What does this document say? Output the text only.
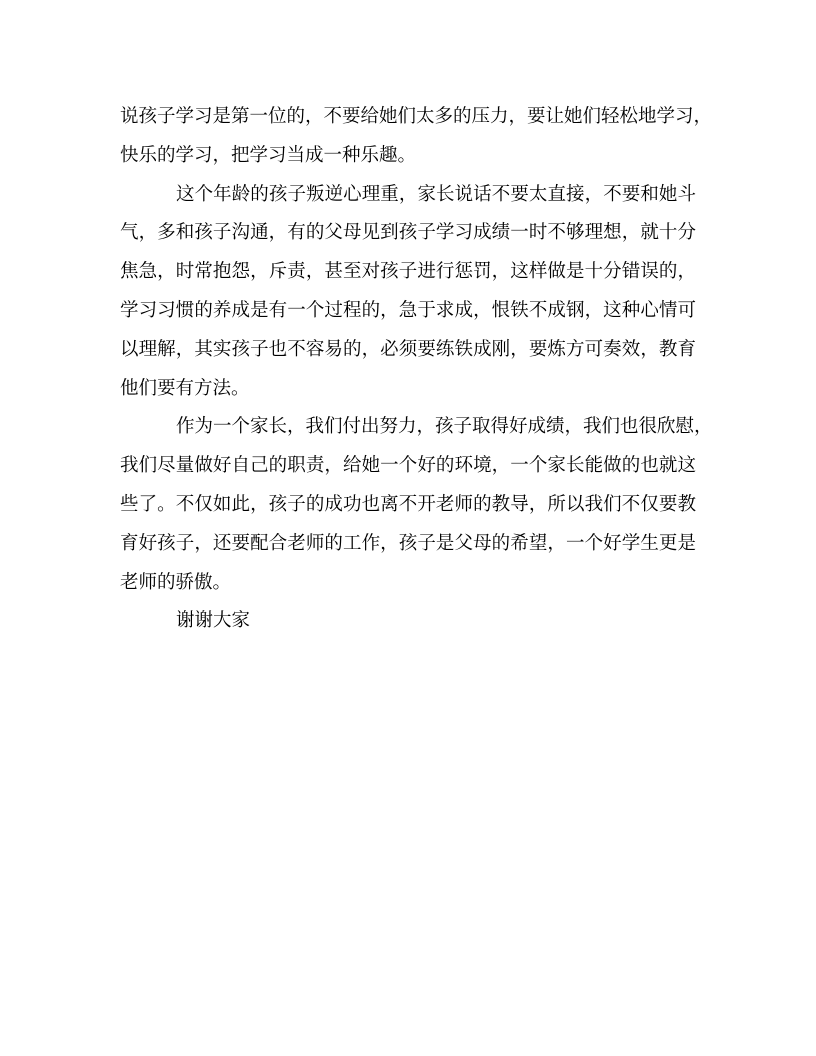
说孩子学习是第一位的，不要给她们太多的压力，要让她们轻松地学习，
快乐的学习，把学习当成一种乐趣。
这个年龄的孩子叛逆心理重，家长说话不要太直接，不要和她斗
气，多和孩子沟通，有的父母见到孩子学习成绩一时不够理想，就十分
焦急，时常抱怨，斥责，甚至对孩子进行惩罚，这样做是十分错误的，
学习习惯的养成是有一个过程的，急于求成，恨铁不成钢，这种心情可
以理解，其实孩子也不容易的，必须要练铁成刚，要炼方可奏效，教育
他们要有方法。
作为一个家长，我们付出努力，孩子取得好成绩，我们也很欣慰，
我们尽量做好自己的职责，给她一个好的环境，一个家长能做的也就这
些了。不仅如此，孩子的成功也离不开老师的教导，所以我们不仅要教
育好孩子，还要配合老师的工作，孩子是父母的希望，一个好学生更是
老师的骄傲。
谢谢大家
